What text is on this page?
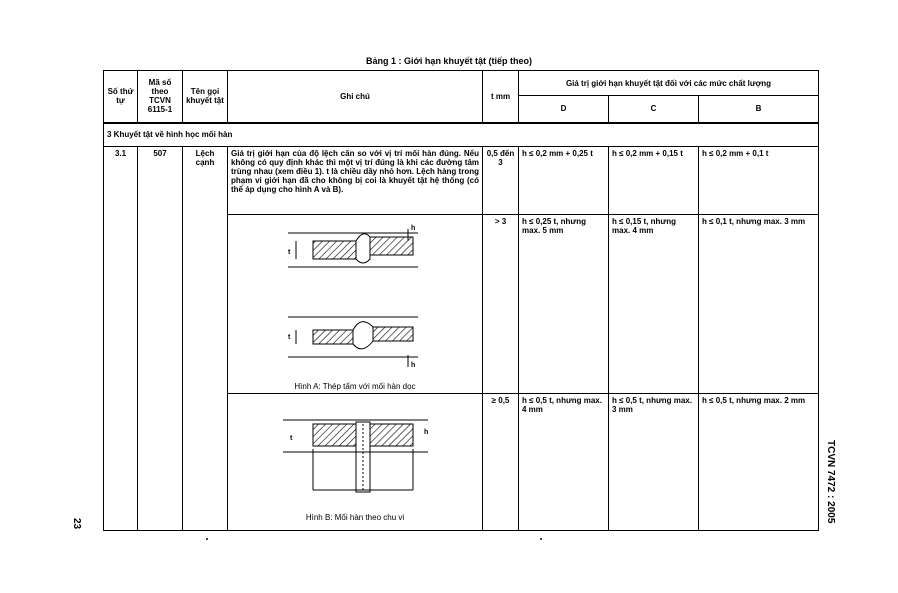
Bảng 1 : Giới hạn khuyết tật (tiếp theo)
Số thứ tự	Mã số theo TCVN 6115-1	Tên gọi khuyết tật	Ghi chú	t mm	Giá trị giới hạn khuyết tật đối với các mức chất lượng		
					D	C	B
3 Khuyết tật về hình học mối hàn							
3.1	507	Lệch cạnh	Giá trị giới hạn của độ lệch căn so với vị trí mối hàn đúng. Nếu không có quy định khác thì một vị trí đúng là khi các đường tâm trùng nhau (xem điều 1). t là chiều dầy nhỏ hơn. Lệch hàng trong phạm vi giới hạn đã cho không bị coi là khuyết tật hệ thống (có thể áp dụng cho hình A và B).	0,5 đến 3	h ≤ 0,2 mm + 0,25 t	h ≤ 0,2 mm + 0,15 t	h ≤ 0,2 mm + 0,1 t

t
h
t
h
Hình A: Thép tấm với mối hàn dọc	> 3	h ≤ 0,25 t, nhưng max. 5 mm	h ≤ 0,15 t, nhưng max. 4 mm	h ≤ 0,1 t, nhưng max. 3 mm

t
h
Hình B: Mối hàn theo chu vi	≥ 0,5	h ≤ 0,5 t, nhưng max. 4 mm	h ≤ 0,5 t, nhưng max. 3 mm	h ≤ 0,5 t, nhưng max. 2 mm
23
TCVN 7472 : 2005
